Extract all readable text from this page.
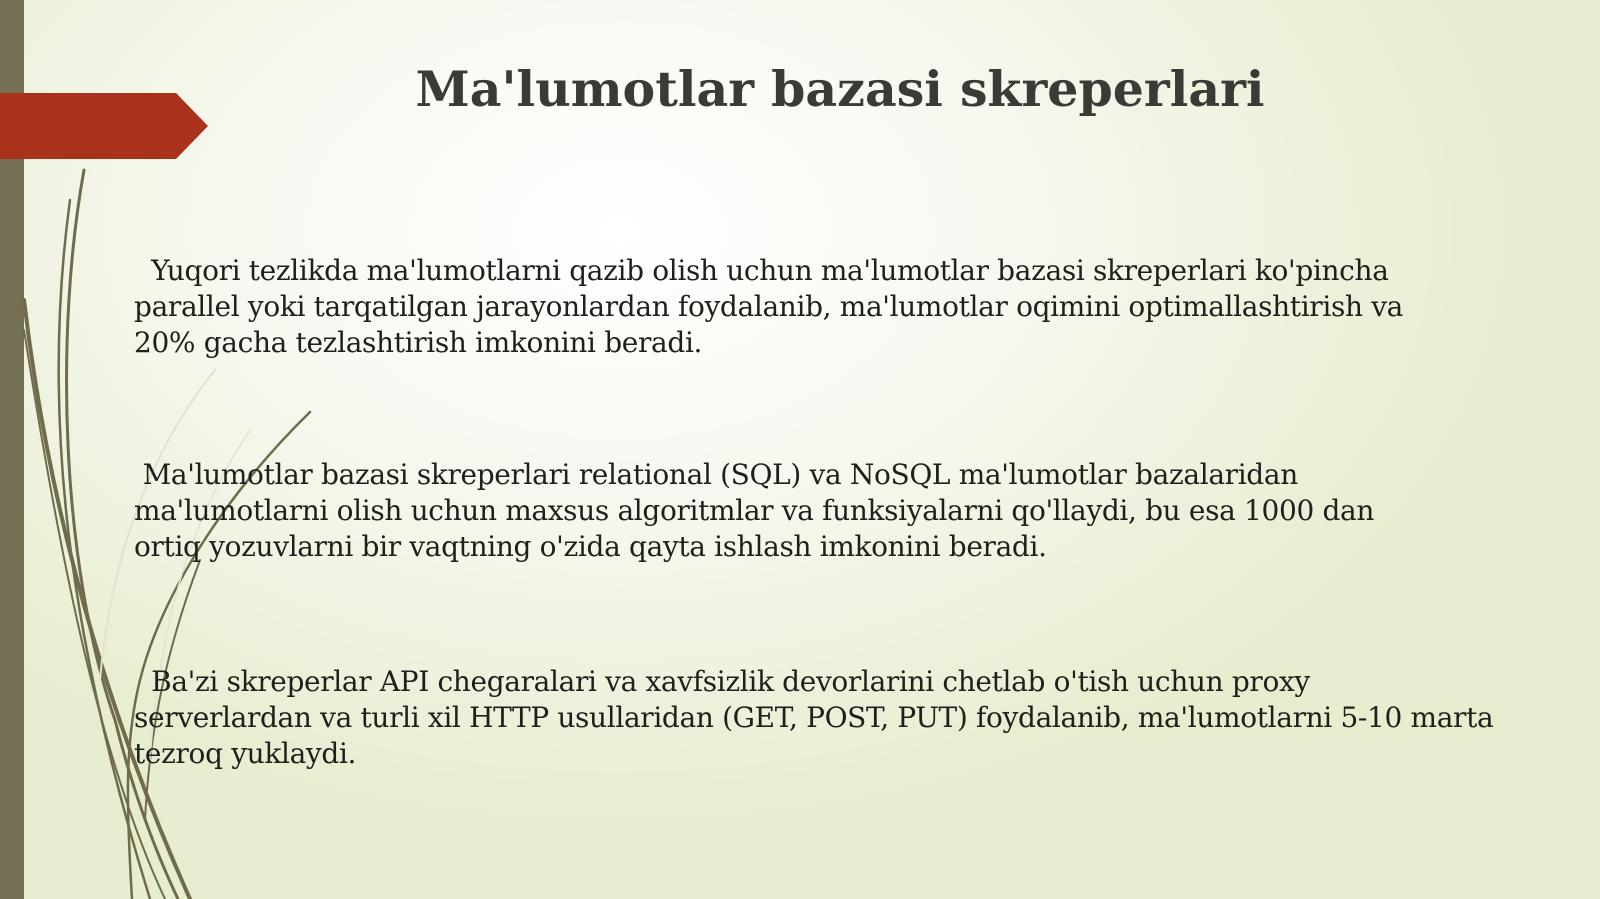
Ma'lumotlar bazasi skreperlari

Yuqori tezlikda ma'lumotlarni qazib olish uchun ma'lumotlar bazasi skreperlari ko'pincha
parallel yoki tarqatilgan jarayonlardan foydalanib, ma'lumotlar oqimini optimallashtirish va
20% gacha tezlashtirish imkonini beradi.

Ma'lumotlar bazasi skreperlari relational (SQL) va NoSQL ma'lumotlar bazalaridan
ma'lumotlarni olish uchun maxsus algoritmlar va funksiyalarni qo'llaydi, bu esa 1000 dan
ortiq yozuvlarni bir vaqtning o'zida qayta ishlash imkonini beradi.

Ba'zi skreperlar API chegaralari va xavfsizlik devorlarini chetlab o'tish uchun proxy
serverlardan va turli xil HTTP usullaridan (GET, POST, PUT) foydalanib, ma'lumotlarni 5-10 marta
tezroq yuklaydi.
